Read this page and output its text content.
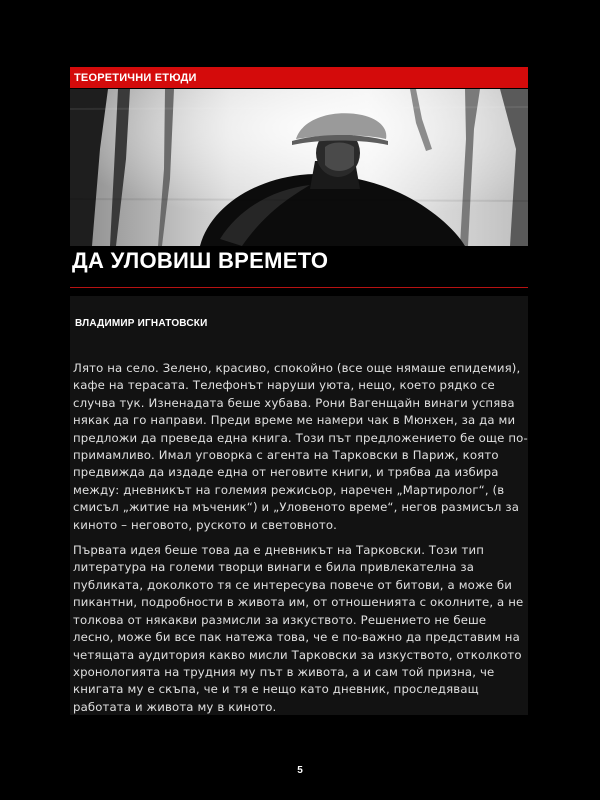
ТЕОРЕТИЧНИ ЕТЮДИ
ДА УЛОВИШ ВРЕМЕТО
ВЛАДИМИР ИГНАТОВСКИ

Лято на село. Зелено, красиво, спокойно (все още нямаше епидемия), кафе на терасата. Телефонът наруши уюта, нещо, което рядко се случва тук. Изненадата беше хубава. Рони Вагенщайн винаги успява някак да го направи. Преди време ме намери чак в Мюнхен, за да ми предложи да преведа една книга. Този път предложението бе още по-примамливо. Имал уговорка с агента на Тарковски в Париж, която предвижда да издаде една от неговите книги, и трябва да избира между: дневникът на големия режисьор, наречен „Мартиролог“, (в смисъл „житие на мъченик“) и „Уловеното време“, негов размисъл за киното – неговото, руското и световното.

Първата идея беше това да е дневникът на Тарковски. Този тип литература на големи творци винаги е била привлекателна за публиката, доколкото тя се интересува повече от битови, а може би пикантни, подробности в живота им, от отношенията с околните, а не толкова от някакви размисли за изкуството. Решението не беше лесно, може би все пак натежа това, че е по-важно да представим на четящата аудитория какво мисли Тарковски за изкуството, отколкото хронологията на трудния му път в живота, а и сам той призна, че книгата му е скъпа, че и тя е нещо като дневник, проследяващ работата и живота му в киното.

5
